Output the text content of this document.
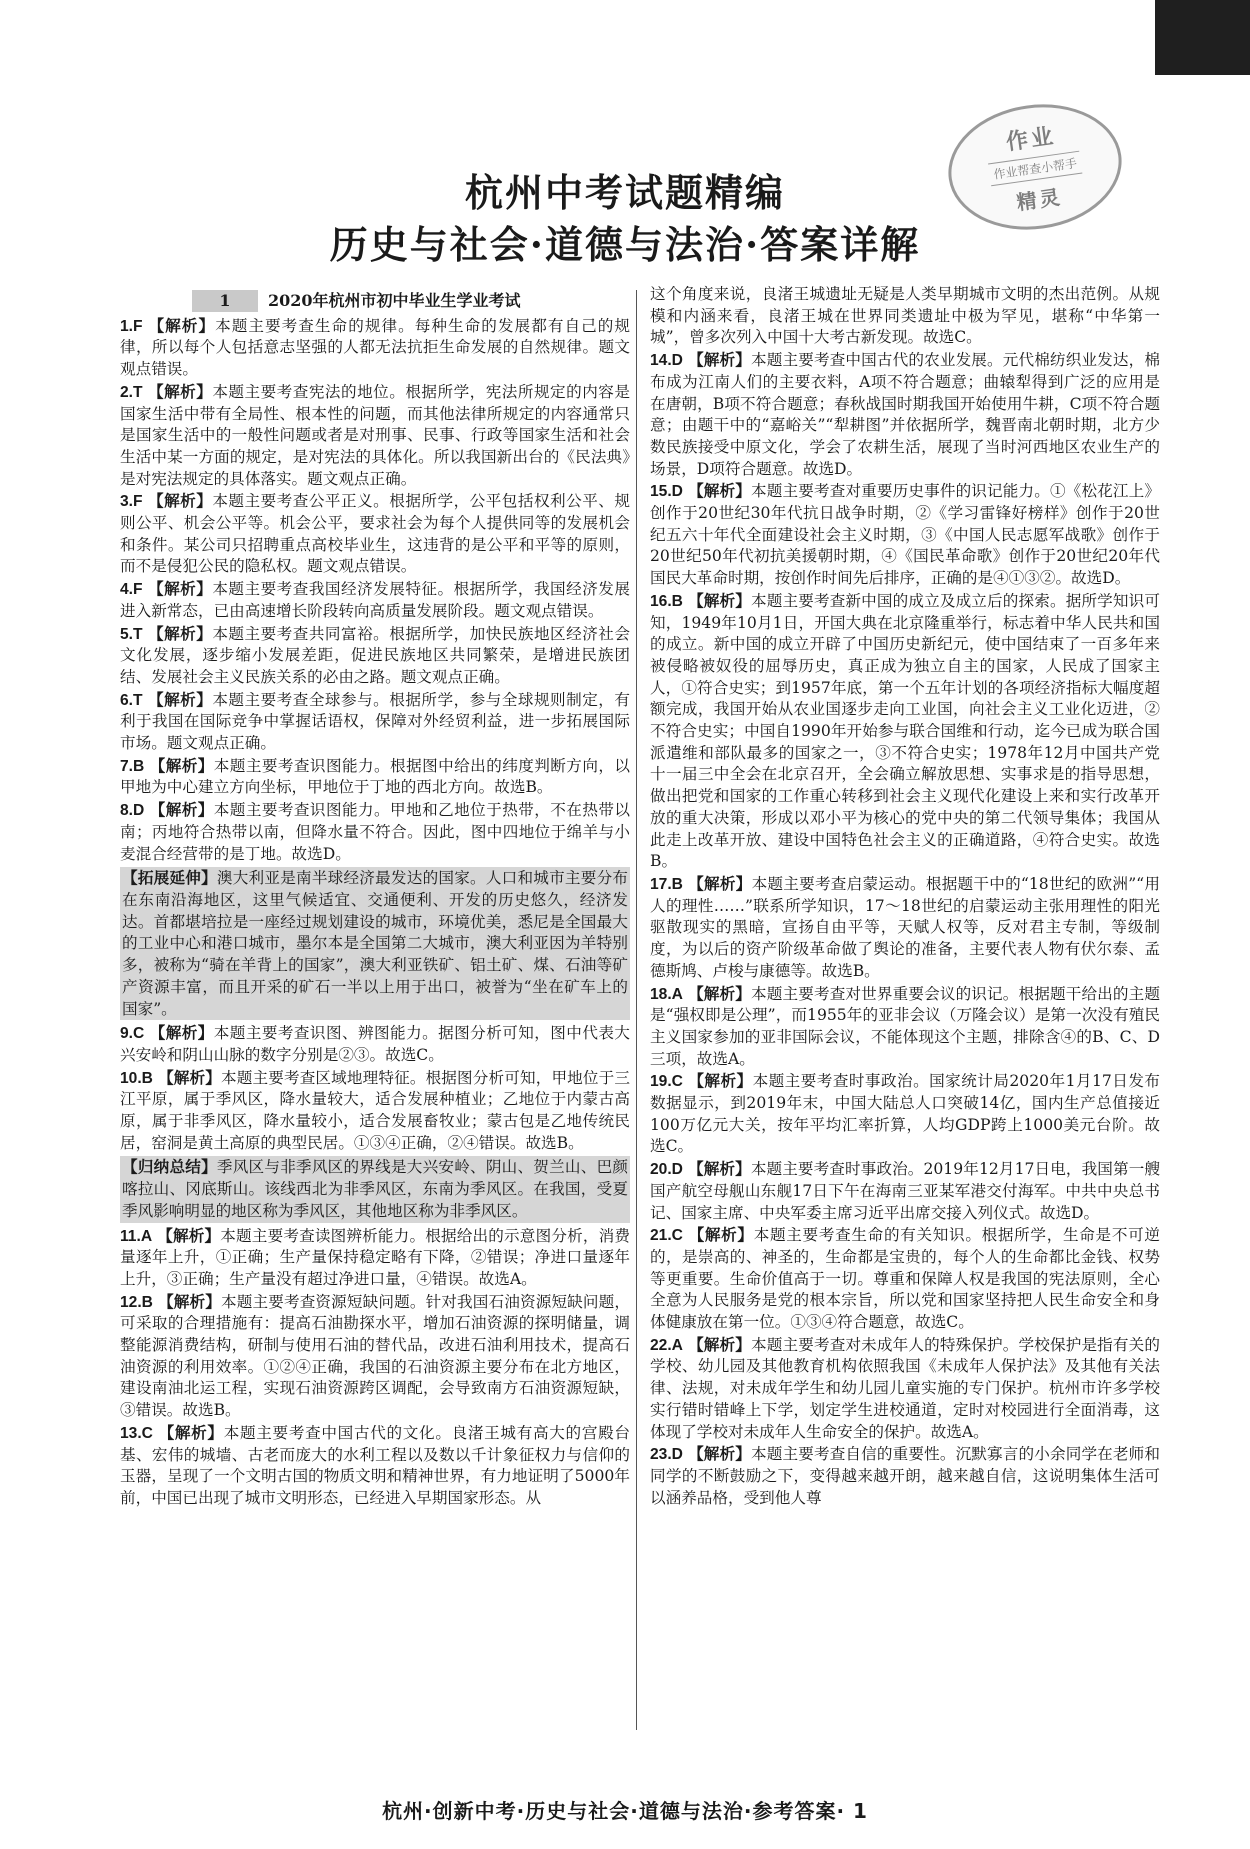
作业
作业帮查小帮手
精灵
杭州中考试题精编
历史与社会·道德与法治·答案详解
1	2020年杭州市初中毕业生学业考试

1.F 【解析】本题主要考查生命的规律。每种生命的发展都有自己的规律，所以每个人包括意志坚强的人都无法抗拒生命发展的自然规律。题文观点错误。

2.T 【解析】本题主要考查宪法的地位。根据所学，宪法所规定的内容是国家生活中带有全局性、根本性的问题，而其他法律所规定的内容通常只是国家生活中的一般性问题或者是对刑事、民事、行政等国家生活和社会生活中某一方面的规定，是对宪法的具体化。所以我国新出台的《民法典》是对宪法规定的具体落实。题文观点正确。

3.F 【解析】本题主要考查公平正义。根据所学，公平包括权利公平、规则公平、机会公平等。机会公平，要求社会为每个人提供同等的发展机会和条件。某公司只招聘重点高校毕业生，这违背的是公平和平等的原则，而不是侵犯公民的隐私权。题文观点错误。

4.F 【解析】本题主要考查我国经济发展特征。根据所学，我国经济发展进入新常态，已由高速增长阶段转向高质量发展阶段。题文观点错误。

5.T 【解析】本题主要考查共同富裕。根据所学，加快民族地区经济社会文化发展，逐步缩小发展差距，促进民族地区共同繁荣，是增进民族团结、发展社会主义民族关系的必由之路。题文观点正确。

6.T 【解析】本题主要考查全球参与。根据所学，参与全球规则制定，有利于我国在国际竞争中掌握话语权，保障对外经贸利益，进一步拓展国际市场。题文观点正确。

7.B 【解析】本题主要考查识图能力。根据图中给出的纬度判断方向，以甲地为中心建立方向坐标，甲地位于丁地的西北方向。故选B。

8.D 【解析】本题主要考查识图能力。甲地和乙地位于热带，不在热带以南；丙地符合热带以南，但降水量不符合。因此，图中四地位于绵羊与小麦混合经营带的是丁地。故选D。

【拓展延伸】澳大利亚是南半球经济最发达的国家。人口和城市主要分布在东南沿海地区，这里气候适宜、交通便利、开发的历史悠久，经济发达。首都堪培拉是一座经过规划建设的城市，环境优美，悉尼是全国最大的工业中心和港口城市，墨尔本是全国第二大城市，澳大利亚因为羊特别多，被称为“骑在羊背上的国家”，澳大利亚铁矿、铝土矿、煤、石油等矿产资源丰富，而且开采的矿石一半以上用于出口，被誉为“坐在矿车上的国家”。

9.C 【解析】本题主要考查识图、辨图能力。据图分析可知，图中代表大兴安岭和阴山山脉的数字分别是②③。故选C。

10.B 【解析】本题主要考查区域地理特征。根据图分析可知，甲地位于三江平原，属于季风区，降水量较大，适合发展种植业；乙地位于内蒙古高原，属于非季风区，降水量较小，适合发展畜牧业；蒙古包是乙地传统民居，窑洞是黄土高原的典型民居。①③④正确，②④错误。故选B。

【归纳总结】季风区与非季风区的界线是大兴安岭、阴山、贺兰山、巴颜喀拉山、冈底斯山。该线西北为非季风区，东南为季风区。在我国，受夏季风影响明显的地区称为季风区，其他地区称为非季风区。

11.A 【解析】本题主要考查读图辨析能力。根据给出的示意图分析，消费量逐年上升，①正确；生产量保持稳定略有下降，②错误；净进口量逐年上升，③正确；生产量没有超过净进口量，④错误。故选A。

12.B 【解析】本题主要考查资源短缺问题。针对我国石油资源短缺问题，可采取的合理措施有：提高石油勘探水平，增加石油资源的探明储量，调整能源消费结构，研制与使用石油的替代品，改进石油利用技术，提高石油资源的利用效率。①②④正确，我国的石油资源主要分布在北方地区，建设南油北运工程，实现石油资源跨区调配，会导致南方石油资源短缺，③错误。故选B。

13.C 【解析】本题主要考查中国古代的文化。良渚王城有高大的宫殿台基、宏伟的城墙、古老而庞大的水利工程以及数以千计象征权力与信仰的玉器，呈现了一个文明古国的物质文明和精神世界，有力地证明了5000年前，中国已出现了城市文明形态，已经进入早期国家形态。从

这个角度来说，良渚王城遗址无疑是人类早期城市文明的杰出范例。从规模和内涵来看，良渚王城在世界同类遗址中极为罕见，堪称“中华第一城”，曾多次列入中国十大考古新发现。故选C。

14.D 【解析】本题主要考查中国古代的农业发展。元代棉纺织业发达，棉布成为江南人们的主要衣料，A项不符合题意；曲辕犁得到广泛的应用是在唐朝，B项不符合题意；春秋战国时期我国开始使用牛耕，C项不符合题意；由题干中的“嘉峪关”“犁耕图”并依据所学，魏晋南北朝时期，北方少数民族接受中原文化，学会了农耕生活，展现了当时河西地区农业生产的场景，D项符合题意。故选D。

15.D 【解析】本题主要考查对重要历史事件的识记能力。①《松花江上》创作于20世纪30年代抗日战争时期，②《学习雷锋好榜样》创作于20世纪五六十年代全面建设社会主义时期，③《中国人民志愿军战歌》创作于20世纪50年代初抗美援朝时期，④《国民革命歌》创作于20世纪20年代国民大革命时期，按创作时间先后排序，正确的是④①③②。故选D。

16.B 【解析】本题主要考查新中国的成立及成立后的探索。据所学知识可知，1949年10月1日，开国大典在北京隆重举行，标志着中华人民共和国的成立。新中国的成立开辟了中国历史新纪元，使中国结束了一百多年来被侵略被奴役的屈辱历史，真正成为独立自主的国家，人民成了国家主人，①符合史实；到1957年底，第一个五年计划的各项经济指标大幅度超额完成，我国开始从农业国逐步走向工业国，向社会主义工业化迈进，②不符合史实；中国自1990年开始参与联合国维和行动，迄今已成为联合国派遣维和部队最多的国家之一，③不符合史实；1978年12月中国共产党十一届三中全会在北京召开，全会确立解放思想、实事求是的指导思想，做出把党和国家的工作重心转移到社会主义现代化建设上来和实行改革开放的重大决策，形成以邓小平为核心的党中央的第二代领导集体；我国从此走上改革开放、建设中国特色社会主义的正确道路，④符合史实。故选B。

17.B 【解析】本题主要考查启蒙运动。根据题干中的“18世纪的欧洲”“用人的理性……”联系所学知识，17～18世纪的启蒙运动主张用理性的阳光驱散现实的黑暗，宣扬自由平等，天赋人权等，反对君主专制，等级制度，为以后的资产阶级革命做了舆论的准备，主要代表人物有伏尔泰、孟德斯鸠、卢梭与康德等。故选B。

18.A 【解析】本题主要考查对世界重要会议的识记。根据题干给出的主题是“强权即是公理”，而1955年的亚非会议（万隆会议）是第一次没有殖民主义国家参加的亚非国际会议，不能体现这个主题，排除含④的B、C、D三项，故选A。

19.C 【解析】本题主要考查时事政治。国家统计局2020年1月17日发布数据显示，到2019年末，中国大陆总人口突破14亿，国内生产总值接近100万亿元大关，按年平均汇率折算，人均GDP跨上1000美元台阶。故选C。

20.D 【解析】本题主要考查时事政治。2019年12月17日电，我国第一艘国产航空母舰山东舰17日下午在海南三亚某军港交付海军。中共中央总书记、国家主席、中央军委主席习近平出席交接入列仪式。故选D。

21.C 【解析】本题主要考查生命的有关知识。根据所学，生命是不可逆的，是崇高的、神圣的，生命都是宝贵的，每个人的生命都比金钱、权势等更重要。生命价值高于一切。尊重和保障人权是我国的宪法原则，全心全意为人民服务是党的根本宗旨，所以党和国家坚持把人民生命安全和身体健康放在第一位。①③④符合题意，故选C。

22.A 【解析】本题主要考查对未成年人的特殊保护。学校保护是指有关的学校、幼儿园及其他教育机构依照我国《未成年人保护法》及其他有关法律、法规，对未成年学生和幼儿园儿童实施的专门保护。杭州市许多学校实行错时错峰上下学，划定学生进校通道，定时对校园进行全面消毒，这体现了学校对未成年人生命安全的保护。故选A。

23.D 【解析】本题主要考查自信的重要性。沉默寡言的小余同学在老师和同学的不断鼓励之下，变得越来越开朗，越来越自信，这说明集体生活可以涵养品格，受到他人尊

杭州·创新中考·历史与社会·道德与法治·参考答案· 1
